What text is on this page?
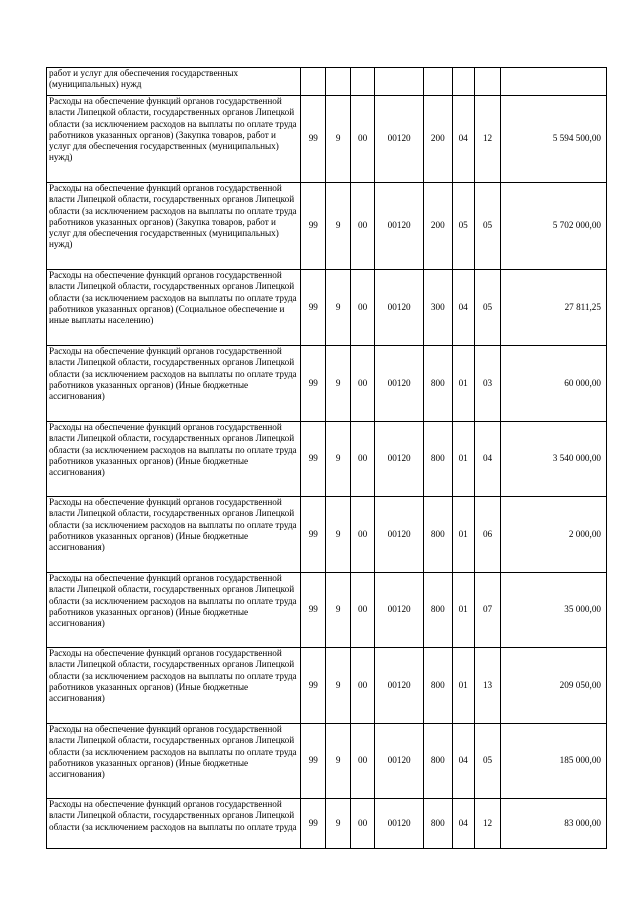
работ и услуг для обеспечения государственных (муниципальных) нужд								
Расходы на обеспечение функций органов государственной власти Липецкой области, государственных органов Липецкой области (за исключением расходов на выплаты по оплате труда работников указанных органов) (Закупка товаров, работ и услуг для обеспечения государственных (муниципальных) нужд)	99	9	00	00120	200	04	12	5 594 500,00
Расходы на обеспечение функций органов государственной власти Липецкой области, государственных органов Липецкой области (за исключением расходов на выплаты по оплате труда работников указанных органов) (Закупка товаров, работ и услуг для обеспечения государственных (муниципальных) нужд)	99	9	00	00120	200	05	05	5 702 000,00
Расходы на обеспечение функций органов государственной власти Липецкой области, государственных органов Липецкой области (за исключением расходов на выплаты по оплате труда работников указанных органов) (Социальное обеспечение и иные выплаты населению)	99	9	00	00120	300	04	05	27 811,25
Расходы на обеспечение функций органов государственной власти Липецкой области, государственных органов Липецкой области (за исключением расходов на выплаты по оплате труда работников указанных органов) (Иные бюджетные ассигнования)	99	9	00	00120	800	01	03	60 000,00
Расходы на обеспечение функций органов государственной власти Липецкой области, государственных органов Липецкой области (за исключением расходов на выплаты по оплате труда работников указанных органов) (Иные бюджетные ассигнования)	99	9	00	00120	800	01	04	3 540 000,00
Расходы на обеспечение функций органов государственной власти Липецкой области, государственных органов Липецкой области (за исключением расходов на выплаты по оплате труда работников указанных органов) (Иные бюджетные ассигнования)	99	9	00	00120	800	01	06	2 000,00
Расходы на обеспечение функций органов государственной власти Липецкой области, государственных органов Липецкой области (за исключением расходов на выплаты по оплате труда работников указанных органов) (Иные бюджетные ассигнования)	99	9	00	00120	800	01	07	35 000,00
Расходы на обеспечение функций органов государственной власти Липецкой области, государственных органов Липецкой области (за исключением расходов на выплаты по оплате труда работников указанных органов) (Иные бюджетные ассигнования)	99	9	00	00120	800	01	13	209 050,00
Расходы на обеспечение функций органов государственной власти Липецкой области, государственных органов Липецкой области (за исключением расходов на выплаты по оплате труда работников указанных органов) (Иные бюджетные ассигнования)	99	9	00	00120	800	04	05	185 000,00
Расходы на обеспечение функций органов государственной власти Липецкой области, государственных органов Липецкой области (за исключением расходов на выплаты по оплате труда	99	9	00	00120	800	04	12	83 000,00
